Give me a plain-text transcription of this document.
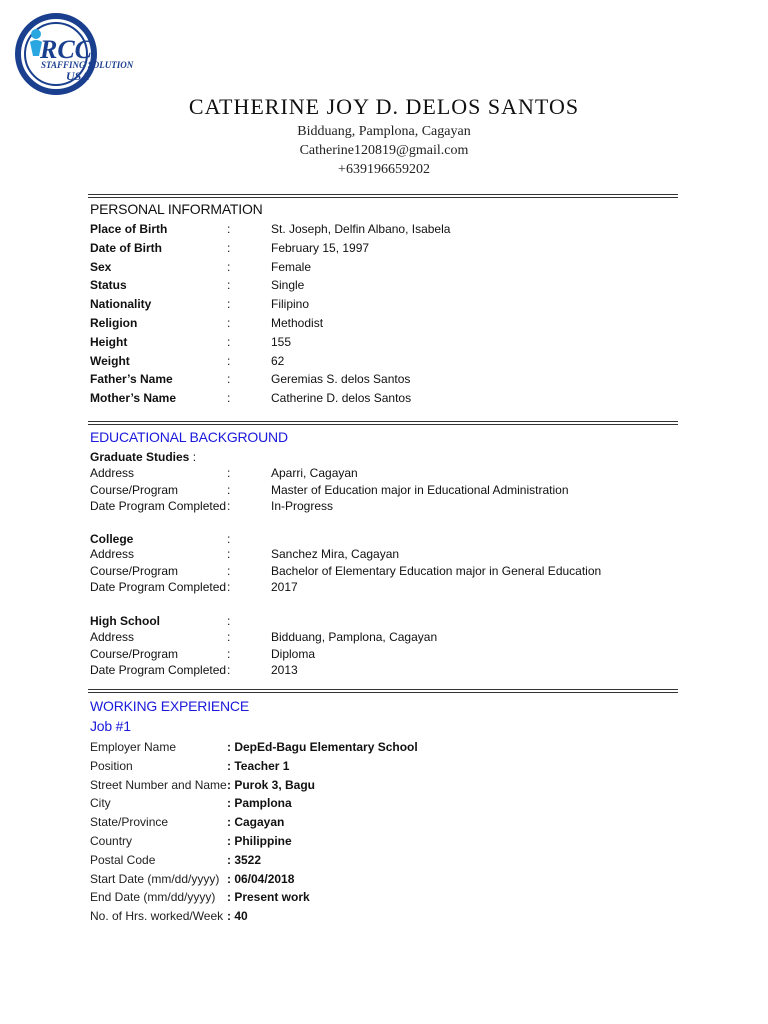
RCC
STAFFING SOLUTION
USA
CATHERINE JOY D. DELOS SANTOS
Bidduang, Pamplona, Cagayan
Catherine120819@gmail.com
+639196659202
PERSONAL INFORMATION
Place of Birth	:	St. Joseph, Delfin Albano, Isabela
Date of Birth	:	February 15, 1997
Sex	:	Female
Status	:	Single
Nationality	:	Filipino
Religion	:	Methodist
Height	:	155
Weight	:	62
Father’s Name	:	Geremias S. delos Santos
Mother’s Name	:	Catherine D. delos Santos
EDUCATIONAL BACKGROUND
Graduate Studies :
Address	:	Aparri, Cagayan
Course/Program	:	Master of Education major in Educational Administration
Date Program Completed :	In-Progress
College	:
Address	:	Sanchez Mira, Cagayan
Course/Program	:	Bachelor of Elementary Education major in General Education
Date Program Completed :	2017
High School	:
Address	:	Bidduang, Pamplona, Cagayan
Course/Program	:	Diploma
Date Program Completed :	2013
WORKING EXPERIENCE
Job #1
Employer Name	: DepEd-Bagu Elementary School
Position	: Teacher 1
Street Number and Name : Purok 3, Bagu
City	: Pamplona
State/Province	: Cagayan
Country	: Philippine
Postal Code	: 3522
Start Date (mm/dd/yyyy) : 06/04/2018
End Date (mm/dd/yyyy) : Present work
No. of Hrs. worked/Week : 40
